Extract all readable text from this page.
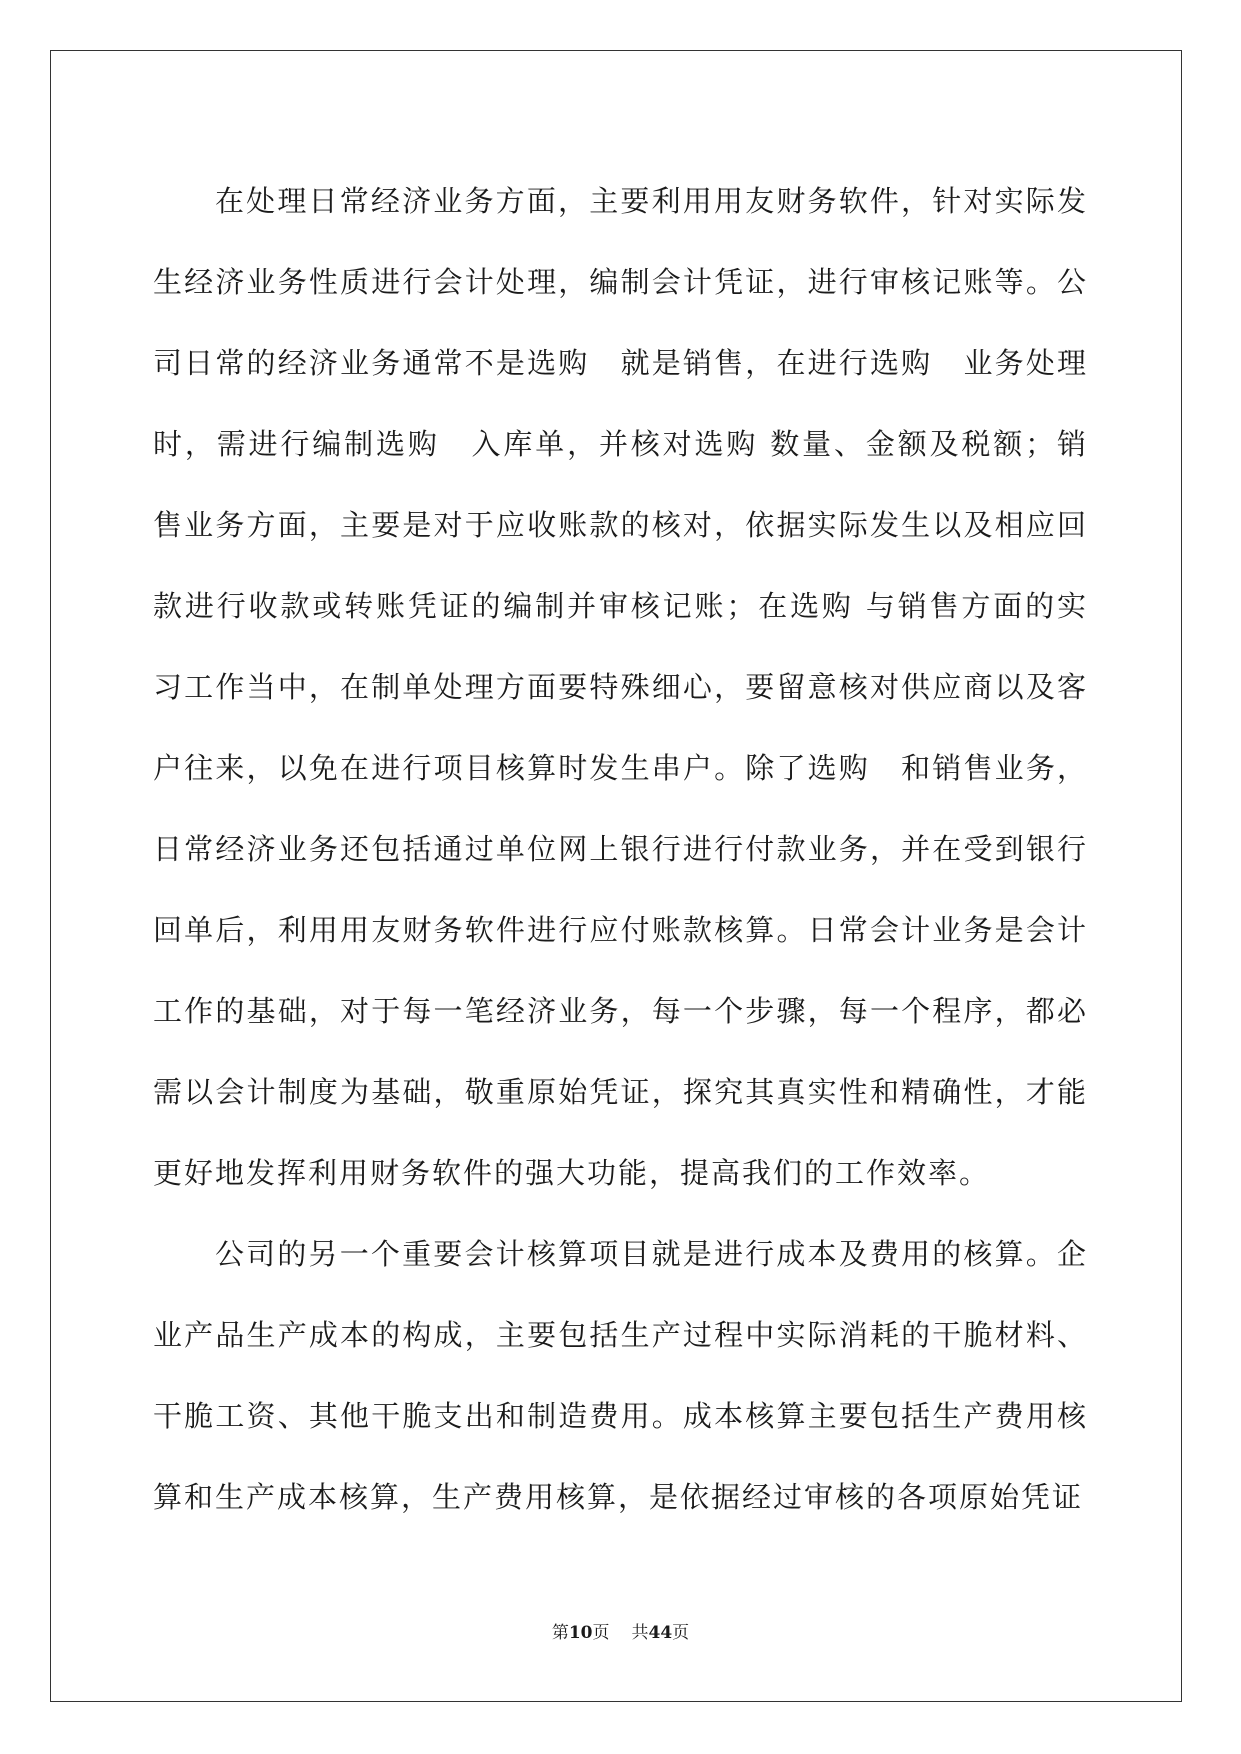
在处理日常经济业务方面，主要利用用友财务软件，针对实际发生经济业务性质进行会计处理，编制会计凭证，进行审核记账等。公司日常的经济业务通常不是选购　就是销售，在进行选购　业务处理时，需进行编制选购　入库单，并核对选购 数量、金额及税额；销售业务方面，主要是对于应收账款的核对，依据实际发生以及相应回款进行收款或转账凭证的编制并审核记账；在选购 与销售方面的实习工作当中，在制单处理方面要特殊细心，要留意核对供应商以及客户往来，以免在进行项目核算时发生串户。除了选购　和销售业务，日常经济业务还包括通过单位网上银行进行付款业务，并在受到银行回单后，利用用友财务软件进行应付账款核算。日常会计业务是会计工作的基础，对于每一笔经济业务，每一个步骤，每一个程序，都必需以会计制度为基础，敬重原始凭证，探究其真实性和精确性，才能更好地发挥利用财务软件的强大功能，提高我们的工作效率。

公司的另一个重要会计核算项目就是进行成本及费用的核算。企业产品生产成本的构成，主要包括生产过程中实际消耗的干脆材料、干脆工资、其他干脆支出和制造费用。成本核算主要包括生产费用核算和生产成本核算，生产费用核算，是依据经过审核的各项原始凭证

第10页 共44页
